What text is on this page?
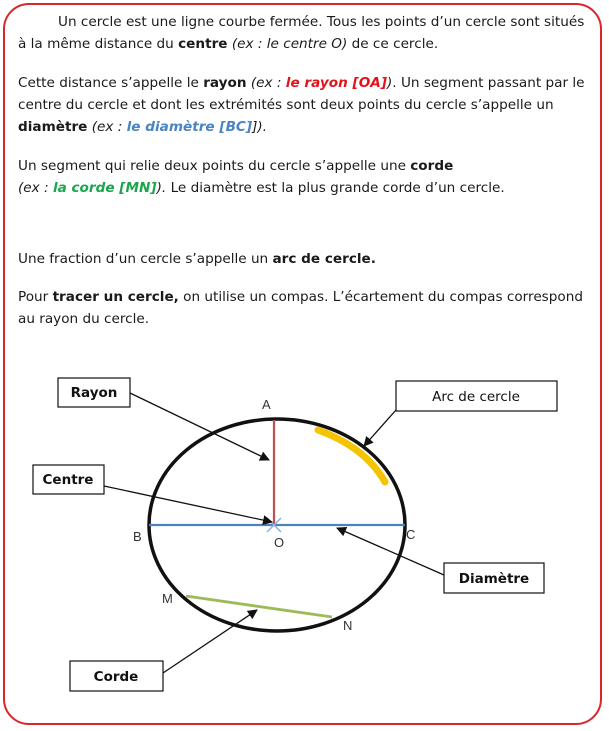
Un cercle est une ligne courbe fermée. Tous les points d’un cercle sont situés à la même distance du centre (ex : le centre O) de ce cercle.

Cette distance s’appelle le rayon (ex : le rayon [OA]). Un segment passant par le centre du cercle et dont les extrémités sont deux points du cercle s’appelle un diamètre (ex : le diamètre [BC]]).

Un segment qui relie deux points du cercle s’appelle une corde
(ex : la corde [MN]). Le diamètre est la plus grande corde d’un cercle.

Une fraction d’un cercle s’appelle un arc de cercle.

Pour tracer un cercle, on utilise un compas. L’écartement du compas correspond au rayon du cercle.

A
B	C
O
M
N
Rayon
Centre
Arc de cercle
Diamètre
Corde
